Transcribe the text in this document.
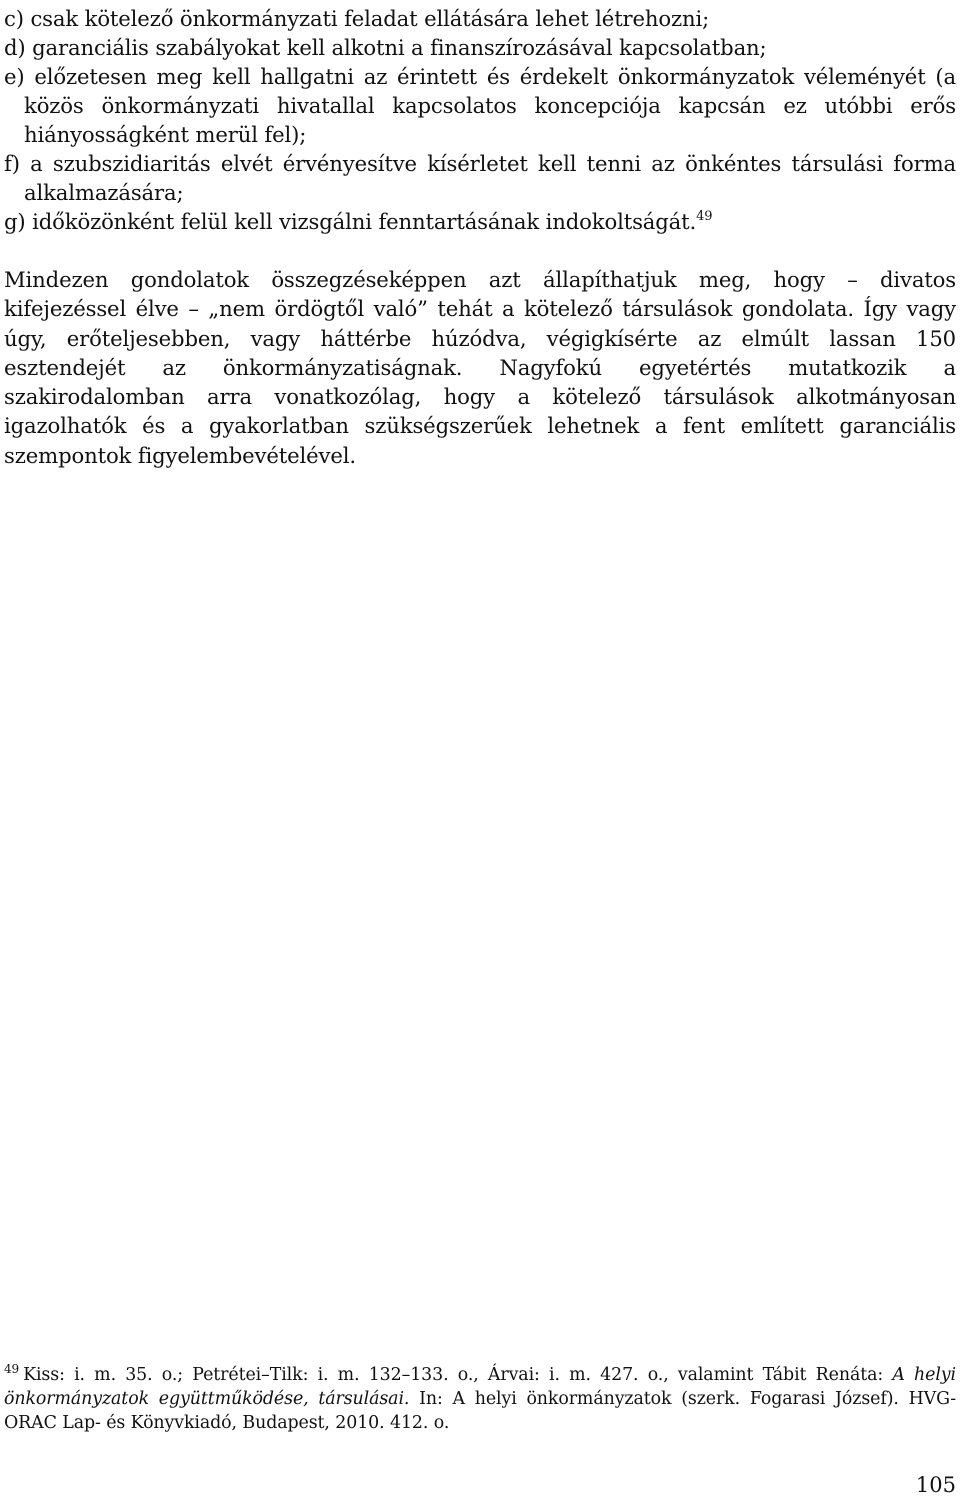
c) csak kötelező önkormányzati feladat ellátására lehet létrehozni;
d) garanciális szabályokat kell alkotni a finanszírozásával kapcsolatban;
e) előzetesen meg kell hallgatni az érintett és érdekelt önkormányzatok véleményét (a közös önkormányzati hivatallal kapcsolatos koncepciója kapcsán ez utóbbi erős hiányosságként merül fel);
f) a szubszidiaritás elvét érvényesítve kísérletet kell tenni az önkéntes társulási forma alkalmazására;
g) időközönként felül kell vizsgálni fenntartásának indokoltságát.$^{49}$

Mindezen gondolatok összegzéseképpen azt állapíthatjuk meg, hogy – divatos kifejezéssel élve – „nem ördögtől való” tehát a kötelező társulások gondolata. Így vagy úgy, erőteljesebben, vagy háttérbe húzódva, végigkísérte az elmúlt lassan 150 esztendejét az önkormányzatiságnak. Nagyfokú egyetértés mutatkozik a szakirodalomban arra vonatkozólag, hogy a kötelező társulások alkotmányosan igazolhatók és a gyakorlatban szükségszerűek lehetnek a fent említett garanciális szempontok figyelembevételével.

$^{49}$ Kiss: i. m. 35. o.; Petrétei–Tilk: i. m. 132–133. o., Árvai: i. m. 427. o., valamint Tábit Renáta: A helyi önkormányzatok együttműködése, társulásai. In: A helyi önkormányzatok (szerk. Fogarasi József). HVG-ORAC Lap- és Könyvkiadó, Budapest, 2010. 412. o.

105
